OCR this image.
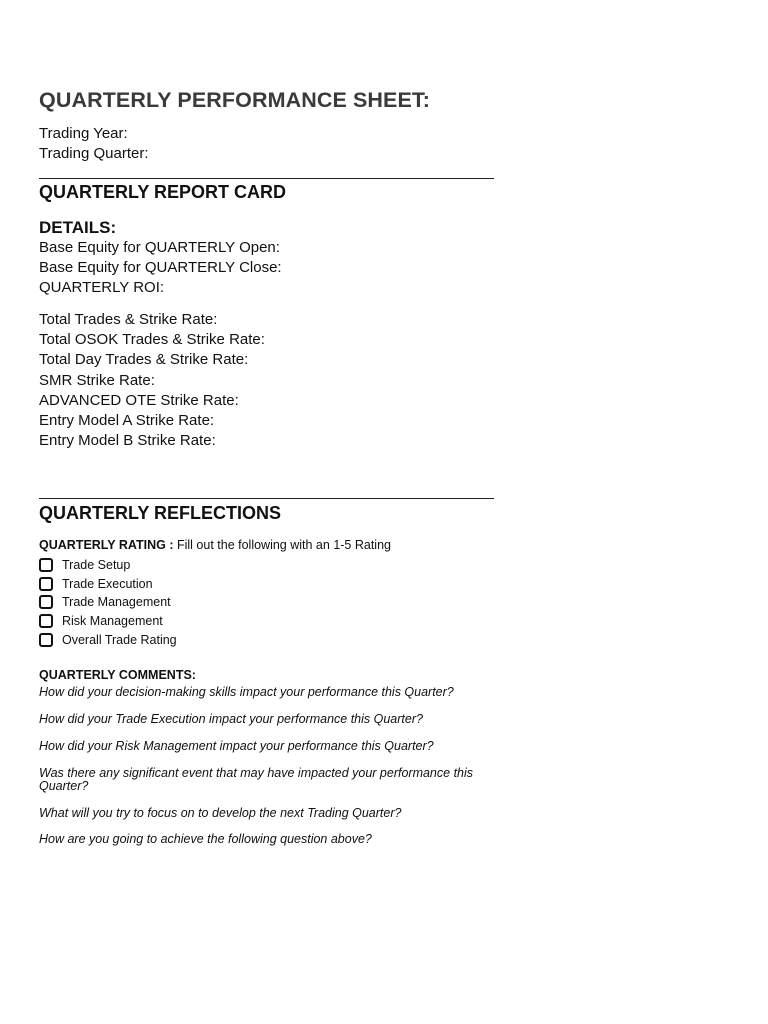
QUARTERLY PERFORMANCE SHEET:
Trading Year:
Trading Quarter:
QUARTERLY REPORT CARD
DETAILS:
Base Equity for QUARTERLY Open:
Base Equity for QUARTERLY Close:
QUARTERLY ROI:
Total Trades & Strike Rate:
Total OSOK Trades & Strike Rate:
Total Day Trades & Strike Rate:
SMR Strike Rate:
ADVANCED OTE Strike Rate:
Entry Model A Strike Rate:
Entry Model B Strike Rate:
QUARTERLY REFLECTIONS
QUARTERLY RATING : Fill out the following with an 1-5 Rating
Trade Setup
Trade Execution
Trade Management
Risk Management
Overall Trade Rating
QUARTERLY COMMENTS:
How did your decision-making skills impact your performance this Quarter?
How did your Trade Execution impact your performance this Quarter?
How did your Risk Management impact your performance this Quarter?
Was there any significant event that may have impacted your performance this Quarter?
What will you try to focus on to develop the next Trading Quarter?
How are you going to achieve the following question above?
